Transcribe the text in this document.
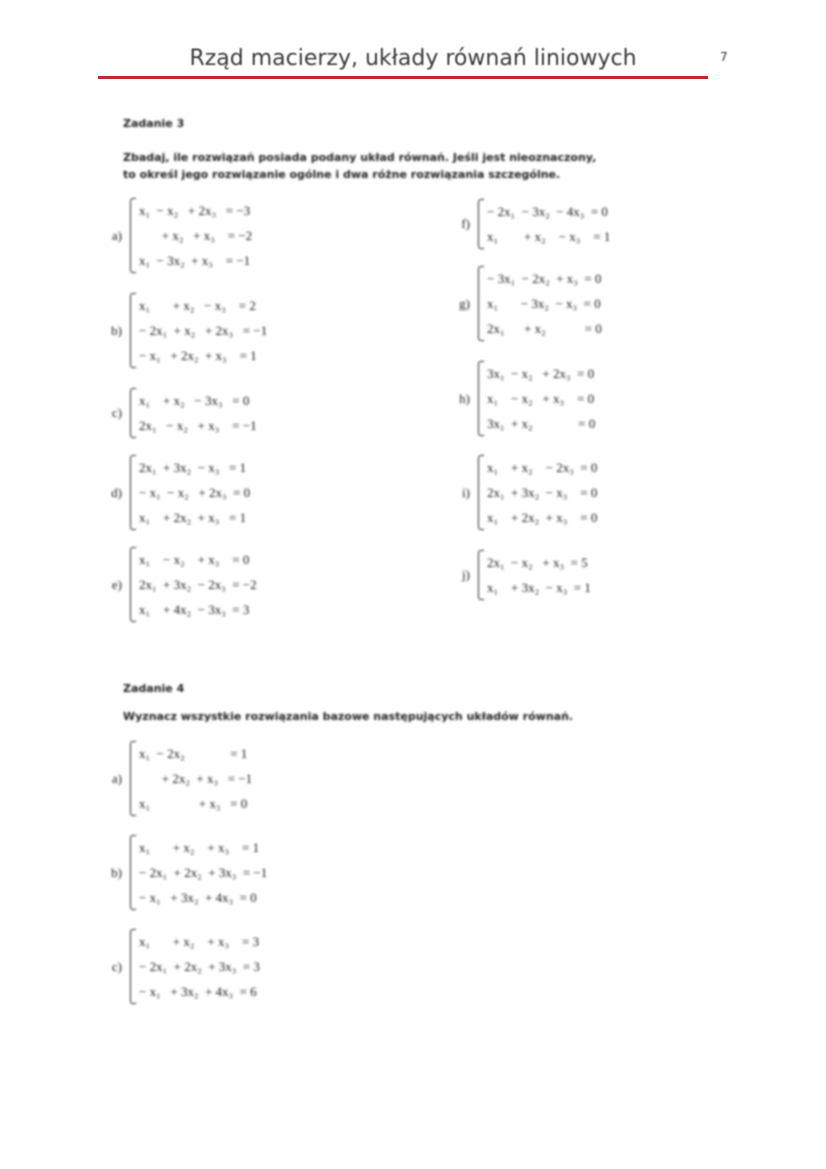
Rząd macierzy, układy równań liniowych	7
Zadanie 3
Zbadaj, ile rozwiązań posiada podany układ równań. Jeśli jest nieoznaczony,
to określ jego rozwiązanie ogólne i dwa różne rozwiązania szczególne.
a)
x₁  − x₂   + 2x₃   = −3
+ x₂   + x₃    = −2
x₁  − 3x₂  + x₃    = −1
b)
x₁       + x₂   − x₃    = 2
− 2x₁  + x₂   + 2x₃   = −1
− x₁   + 2x₂  + x₃    = 1
c)
x₁    + x₂   − 3x₃   = 0
2x₁   − x₂   + x₃    = −1
d)
2x₁  + 3x₂  − x₃   = 1
− x₁  − x₂   + 2x₃  = 0
x₁    + 2x₂  + x₃   = 1
e)
x₁    − x₂    + x₃    = 0
2x₁  + 3x₂  − 2x₃  = −2
x₁    + 4x₂  − 3x₃  = 3
f)
− 2x₁  − 3x₂  − 4x₃  = 0
x₁        + x₂    − x₃    = 1
g)
− 3x₁  − 2x₂  + x₃  = 0
x₁       − 3x₂  − x₃  = 0
2x₁      + x₂            = 0
h)
3x₁  − x₂   + 2x₃  = 0
x₁    − x₂   + x₃    = 0
3x₁  + x₂              = 0
i)
x₁    + x₂    − 2x₃  = 0
2x₁  + 3x₂  − x₃    = 0
x₁    + 2x₂  + x₃    = 0
j)
2x₁  − x₂   + x₃  = 5
x₁    + 3x₂  − x₃  = 1
Zadanie 4
Wyznacz wszystkie rozwiązania bazowe następujących układów równań.
a)
x₁  − 2x₂              = 1
+ 2x₂  + x₃   = −1
x₁               + x₃   = 0
b)
x₁       + x₂    + x₃    = 1
− 2x₁  + 2x₂  + 3x₃  = −1
− x₁   + 3x₂  + 4x₃  = 0
c)
x₁       + x₂    + x₃    = 3
− 2x₁  + 2x₂  + 3x₃  = 3
− x₁   + 3x₂  + 4x₃  = 6
